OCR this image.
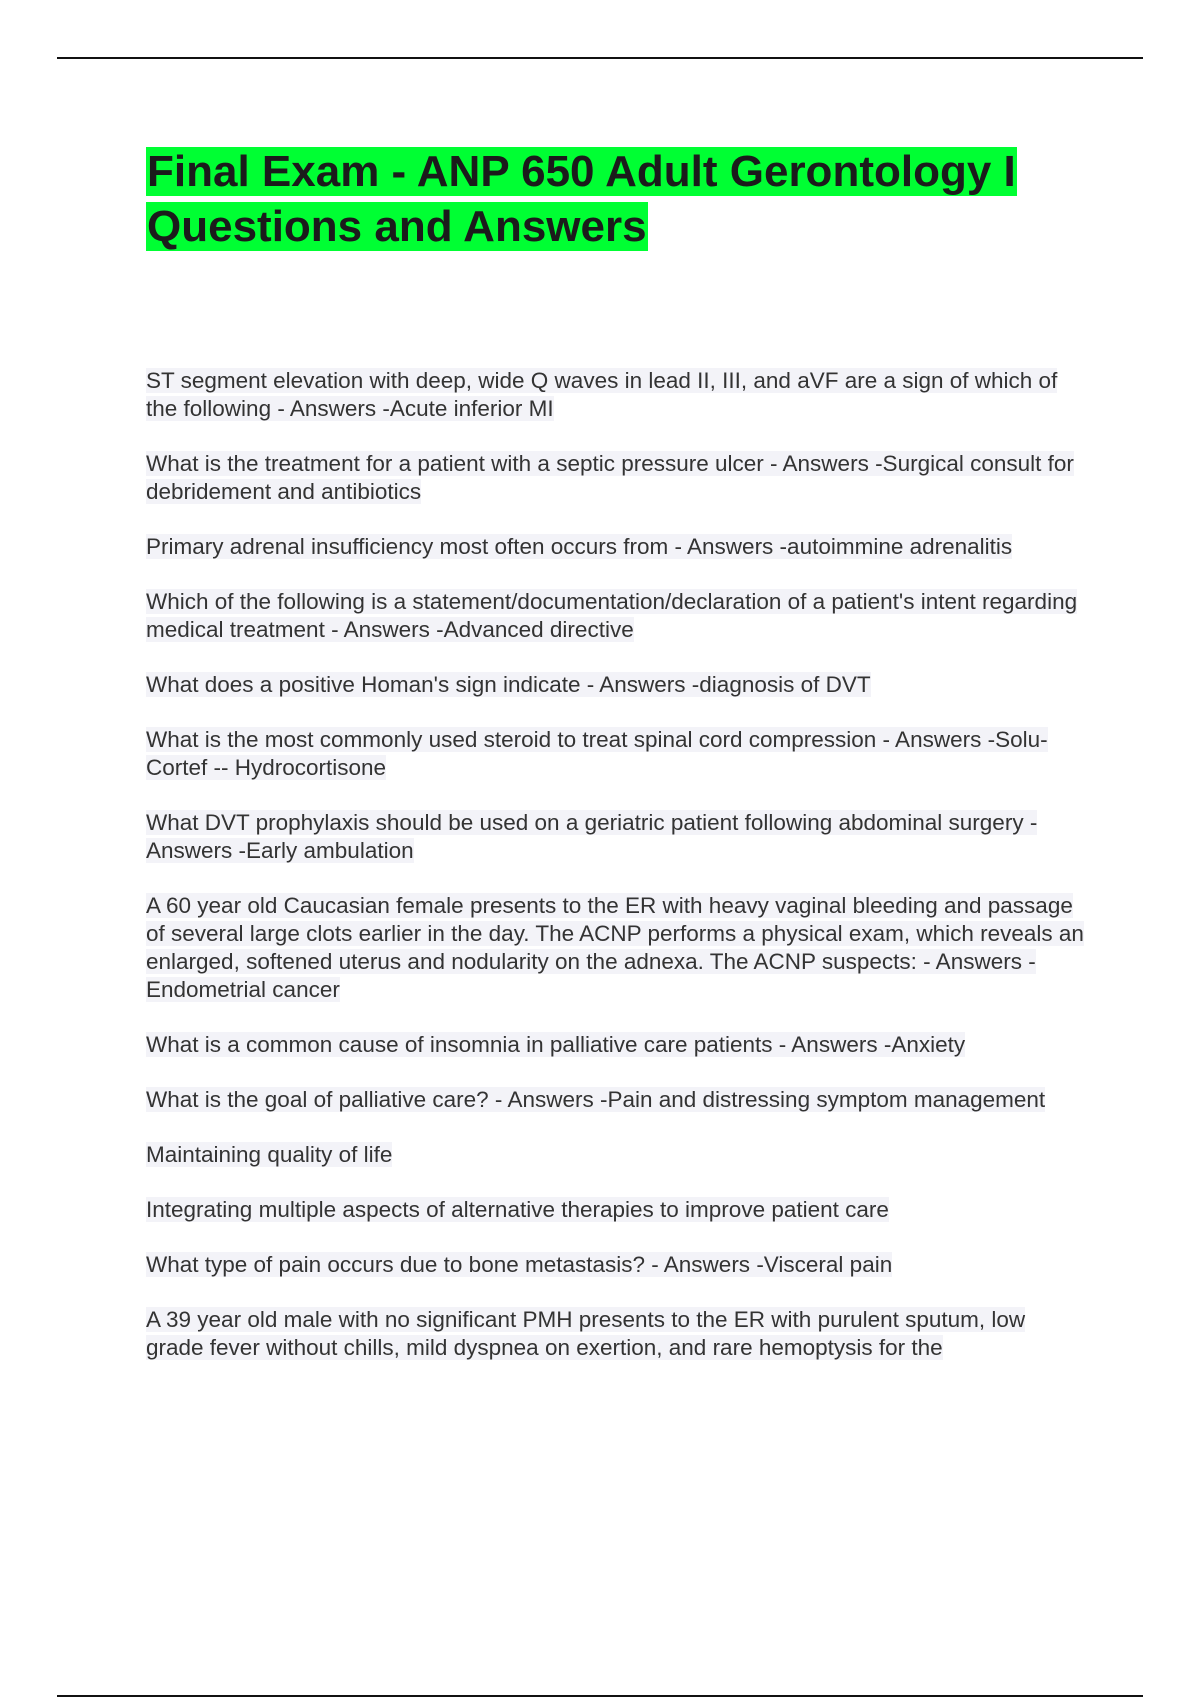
Final Exam - ANP 650 Adult Gerontology I Questions and Answers
ST segment elevation with deep, wide Q waves in lead II, III, and aVF are a sign of which of the following - Answers -Acute inferior MI
What is the treatment for a patient with a septic pressure ulcer - Answers -Surgical consult for debridement and antibiotics
Primary adrenal insufficiency most often occurs from - Answers -autoimmine adrenalitis
Which of the following is a statement/documentation/declaration of a patient's intent regarding medical treatment - Answers -Advanced directive
What does a positive Homan's sign indicate - Answers -diagnosis of DVT
What is the most commonly used steroid to treat spinal cord compression - Answers -Solu-Cortef -- Hydrocortisone
What DVT prophylaxis should be used on a geriatric patient following abdominal surgery - Answers -Early ambulation
A 60 year old Caucasian female presents to the ER with heavy vaginal bleeding and passage of several large clots earlier in the day. The ACNP performs a physical exam, which reveals an enlarged, softened uterus and nodularity on the adnexa. The ACNP suspects: - Answers -Endometrial cancer
What is a common cause of insomnia in palliative care patients - Answers -Anxiety
What is the goal of palliative care? - Answers -Pain and distressing symptom management
Maintaining quality of life
Integrating multiple aspects of alternative therapies to improve patient care
What type of pain occurs due to bone metastasis? - Answers -Visceral pain
A 39 year old male with no significant PMH presents to the ER with purulent sputum, low grade fever without chills, mild dyspnea on exertion, and rare hemoptysis for the
